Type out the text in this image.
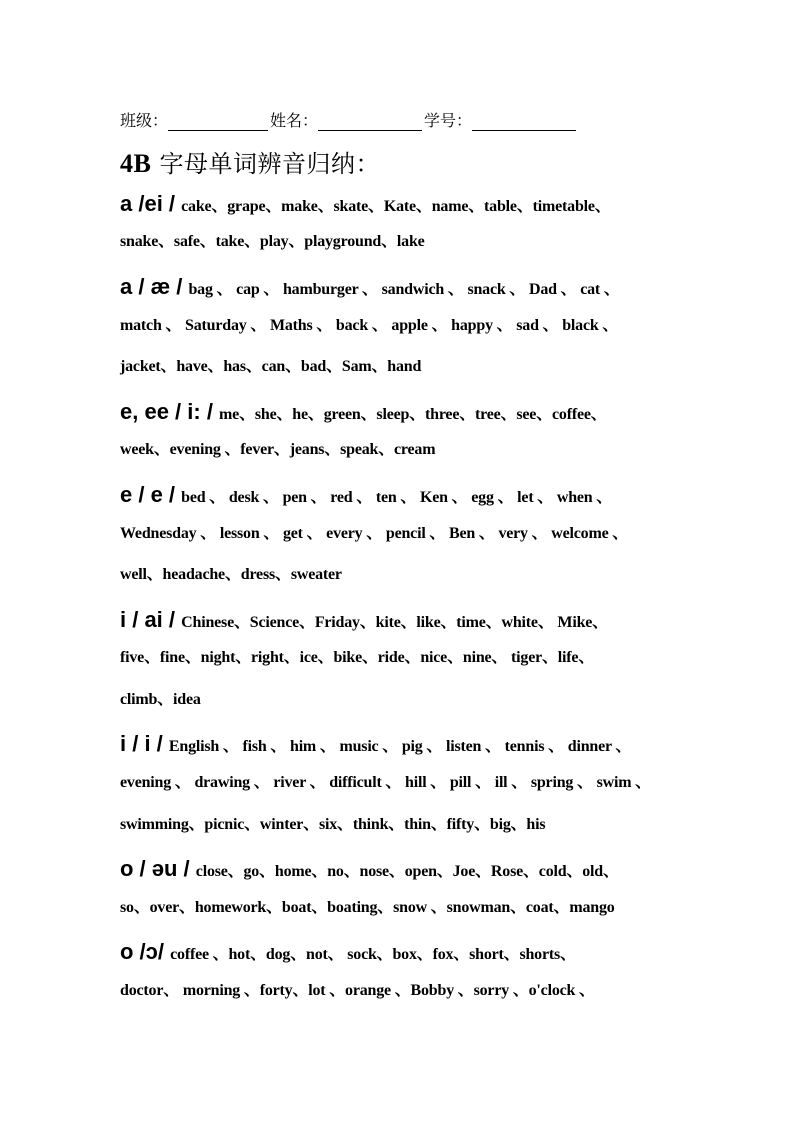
班级：	姓名：	学号：
4B 字母单词辨音归纳：
a /ei / cake、grape、make、skate、Kate、name、table、timetable、
snake、safe、take、play、playground、lake
a / æ / bag 、 cap 、 hamburger 、 sandwich 、 snack 、 Dad 、 cat 、
match 、 Saturday 、 Maths 、 back 、 apple 、 happy 、 sad 、 black 、
jacket、have、has、can、bad、Sam、hand
e, ee / i: / me、she、he、green、sleep、three、tree、see、coffee、
week、evening 、fever、jeans、speak、cream
e / e / bed 、 desk 、 pen 、 red 、 ten 、 Ken 、 egg 、 let 、 when 、
Wednesday 、 lesson 、 get 、 every 、 pencil 、 Ben 、 very 、 welcome 、
well、headache、dress、sweater
i / ai / Chinese、Science、Friday、kite、like、time、white、 Mike、
five、fine、night、right、ice、bike、ride、nice、nine、 tiger、life、
climb、idea
i / i / English 、 fish 、 him 、 music 、 pig 、 listen 、 tennis 、 dinner 、
evening 、 drawing 、 river 、 difficult 、 hill 、 pill 、 ill 、 spring 、 swim 、
swimming、picnic、winter、six、think、thin、fifty、big、his
o / əu / close、go、home、no、nose、open、Joe、Rose、cold、old、
so、over、homework、boat、boating、snow 、snowman、coat、mango
o /ɔ/ coffee 、hot、dog、not、 sock、box、fox、short、shorts、
doctor、 morning 、forty、lot 、orange 、Bobby 、sorry 、o'clock 、
